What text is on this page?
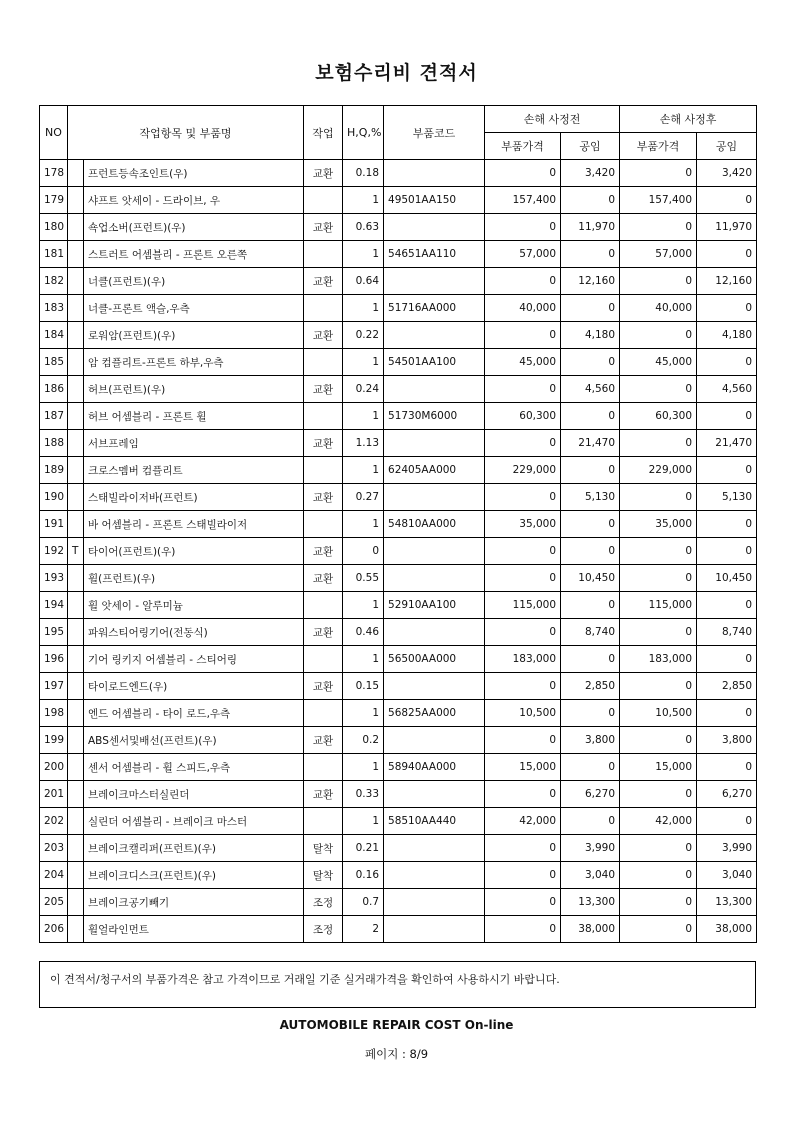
보험수리비 견적서
NO	작업항목 및 부품명		작업	H,Q,%	부품코드	손해 사정전		손해 사정후	
						부품가격	공임	부품가격	공임
178		프런트등속조인트(우)	교환	0.18		0	3,420	0	3,420
179		샤프트 앗세이 - 드라이브, 우		1	49501AA150	157,400	0	157,400	0
180		쇽업소버(프런트)(우)	교환	0.63		0	11,970	0	11,970
181		스트러트 어셈블리 - 프론트 오른쪽		1	54651AA110	57,000	0	57,000	0
182		너클(프런트)(우)	교환	0.64		0	12,160	0	12,160
183		너클-프론트 액슬,우측		1	51716AA000	40,000	0	40,000	0
184		로워암(프런트)(우)	교환	0.22		0	4,180	0	4,180
185		암 컴플리트-프론트 하부,우측		1	54501AA100	45,000	0	45,000	0
186		허브(프런트)(우)	교환	0.24		0	4,560	0	4,560
187		허브 어셈블리 - 프론트 휠		1	51730M6000	60,300	0	60,300	0
188		서브프레임	교환	1.13		0	21,470	0	21,470
189		크로스멤버 컴플리트		1	62405AA000	229,000	0	229,000	0
190		스태빌라이저바(프런트)	교환	0.27		0	5,130	0	5,130
191		바 어셈블리 - 프론트 스태빌라이저		1	54810AA000	35,000	0	35,000	0
192	T	타이어(프런트)(우)	교환	0		0	0	0	0
193		휠(프런트)(우)	교환	0.55		0	10,450	0	10,450
194		휠 앗세이 - 알루미늄		1	52910AA100	115,000	0	115,000	0
195		파워스티어링기어(전동식)	교환	0.46		0	8,740	0	8,740
196		기어 링키지 어셈블리 - 스티어링		1	56500AA000	183,000	0	183,000	0
197		타이로드엔드(우)	교환	0.15		0	2,850	0	2,850
198		엔드 어셈블리 - 타이 로드,우측		1	56825AA000	10,500	0	10,500	0
199		ABS센서및배선(프런트)(우)	교환	0.2		0	3,800	0	3,800
200		센서 어셈블리 - 휠 스피드,우측		1	58940AA000	15,000	0	15,000	0
201		브레이크마스터실린더	교환	0.33		0	6,270	0	6,270
202		실린더 어셈블리 - 브레이크 마스터		1	58510AA440	42,000	0	42,000	0
203		브레이크캘리퍼(프런트)(우)	탈착	0.21		0	3,990	0	3,990
204		브레이크디스크(프런트)(우)	탈착	0.16		0	3,040	0	3,040
205		브레이크공기빼기	조정	0.7		0	13,300	0	13,300
206		휠얼라인먼트	조정	2		0	38,000	0	38,000
이 견적서/청구서의 부품가격은 참고 가격이므로 거래일 기준 실거래가격을 확인하여 사용하시기 바랍니다.
AUTOMOBILE REPAIR COST On-line
페이지 : 8/9
